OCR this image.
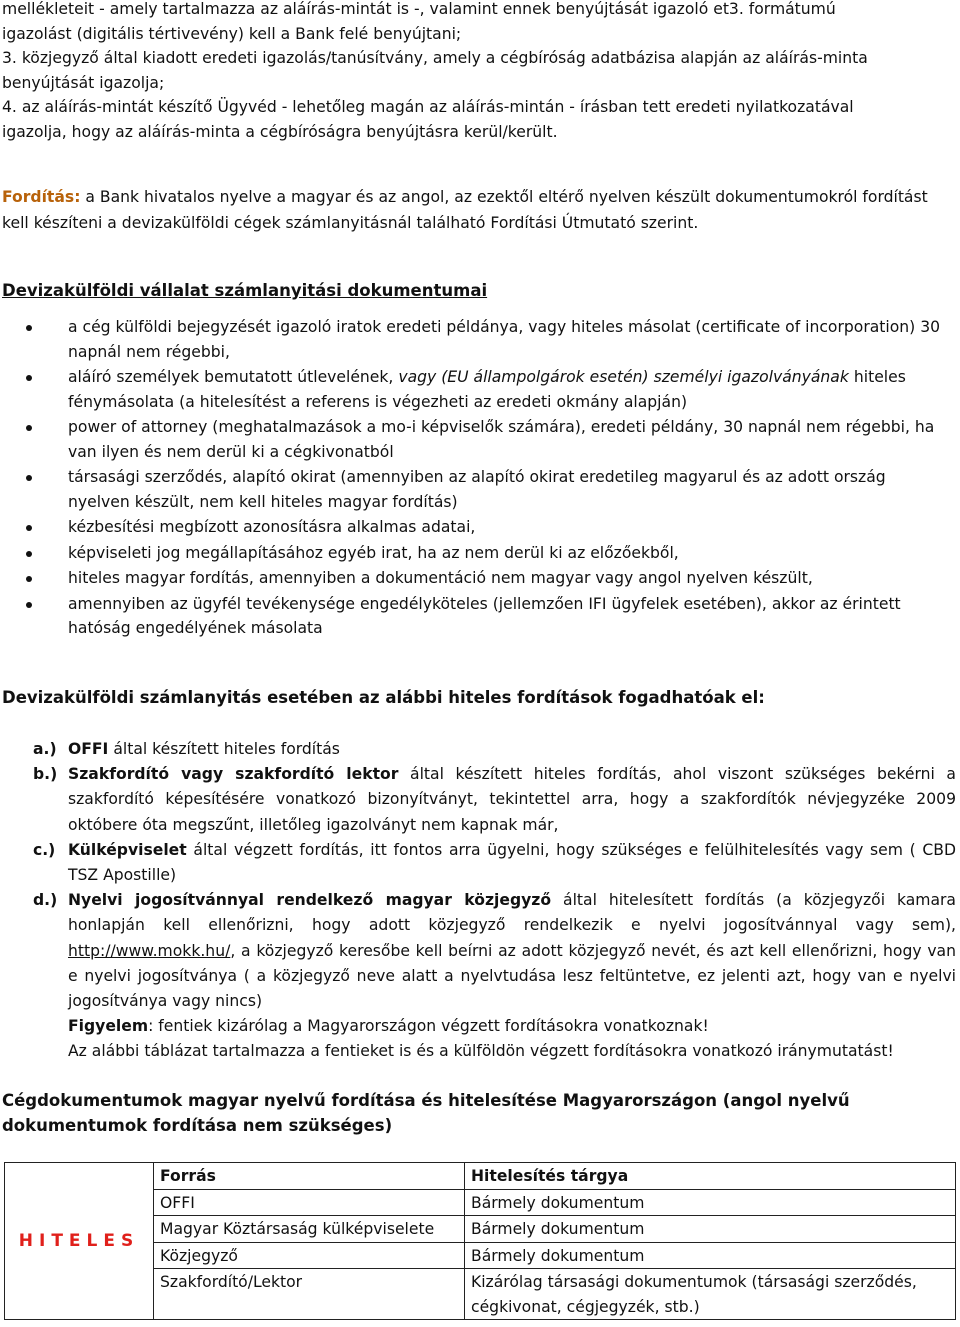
mellékleteit - amely tartalmazza az aláírás-mintát is -, valamint ennek benyújtását igazoló et3. formátumú
igazolást (digitális tértivevény) kell a Bank felé benyújtani;
3. közjegyző által kiadott eredeti igazolás/tanúsítvány, amely a cégbíróság adatbázisa alapján az aláírás-minta
benyújtását igazolja;
4. az aláírás-mintát készítő Ügyvéd - lehetőleg magán az aláírás-mintán - írásban tett eredeti nyilatkozatával
igazolja, hogy az aláírás-minta a cégbíróságra benyújtásra kerül/került.

Fordítás: a Bank hivatalos nyelve a magyar és az angol, az ezektől eltérő nyelven készült dokumentumokról fordítást kell készíteni a devizakülföldi cégek számlanyitásnál található Fordítási Útmutató szerint.

Devizakülföldi vállalat számlanyitási dokumentumai
a cég külföldi bejegyzését igazoló iratok eredeti példánya, vagy hiteles másolat (certificate of incorporation) 30 napnál nem régebbi,
aláíró személyek bemutatott útlevelének, vagy (EU állampolgárok esetén) személyi igazolványának hiteles fénymásolata (a hitelesítést a referens is végezheti az eredeti okmány alapján)
power of attorney (meghatalmazások a mo-i képviselők számára), eredeti példány, 30 napnál nem régebbi, ha van ilyen és nem derül ki a cégkivonatból
társasági szerződés, alapító okirat (amennyiben az alapító okirat eredetileg magyarul és az adott ország nyelven készült, nem kell hiteles magyar fordítás)
kézbesítési megbízott azonosításra alkalmas adatai,
képviseleti jog megállapításához egyéb irat, ha az nem derül ki az előzőekből,
hiteles magyar fordítás, amennyiben a dokumentáció nem magyar vagy angol nyelven készült,
amennyiben az ügyfél tevékenysége engedélyköteles (jellemzően IFI ügyfelek esetében), akkor az érintett hatóság engedélyének másolata
Devizakülföldi számlanyitás esetében az alábbi hiteles fordítások fogadhatóak el:
a.) OFFI által készített hiteles fordítás
b.) Szakfordító vagy szakfordító lektor által készített hiteles fordítás, ahol viszont szükséges bekérni a szakfordító képesítésére vonatkozó bizonyítványt, tekintettel arra, hogy a szakfordítók névjegyzéke 2009 októbere óta megszűnt, illetőleg igazolványt nem kapnak már,
c.) Külképviselet által végzett fordítás, itt fontos arra ügyelni, hogy szükséges e felülhitelesítés vagy sem ( CBD TSZ Apostille)
d.) Nyelvi jogosítvánnyal rendelkező magyar közjegyző által hitelesített fordítás (a közjegyzői kamara honlapján kell ellenőrizni, hogy adott közjegyző rendelkezik e nyelvi jogosítvánnyal vagy sem), http://www.mokk.hu/, a közjegyző keresőbe kell beírni az adott közjegyző nevét, és azt kell ellenőrizni, hogy van e nyelvi jogosítványa ( a közjegyző neve alatt a nyelvtudása lesz feltüntetve, ez jelenti azt, hogy van e nyelvi jogosítványa vagy nincs)
Figyelem: fentiek kizárólag a Magyarországon végzett fordításokra vonatkoznak!
Az alábbi táblázat tartalmazza a fentieket is és a külföldön végzett fordításokra vonatkozó iránymutatást!
Cégdokumentumok magyar nyelvű fordítása és hitelesítése Magyarországon (angol nyelvű dokumentumok fordítása nem szükséges)
HITELES	Forrás	Hitelesítés tárgya
	OFFI	Bármely dokumentum
	Magyar Köztársaság külképviselete	Bármely dokumentum
	Közjegyző	Bármely dokumentum
	Szakfordító/Lektor	Kizárólag társasági dokumentumok (társasági szerződés, cégkivonat, cégjegyzék, stb.)
